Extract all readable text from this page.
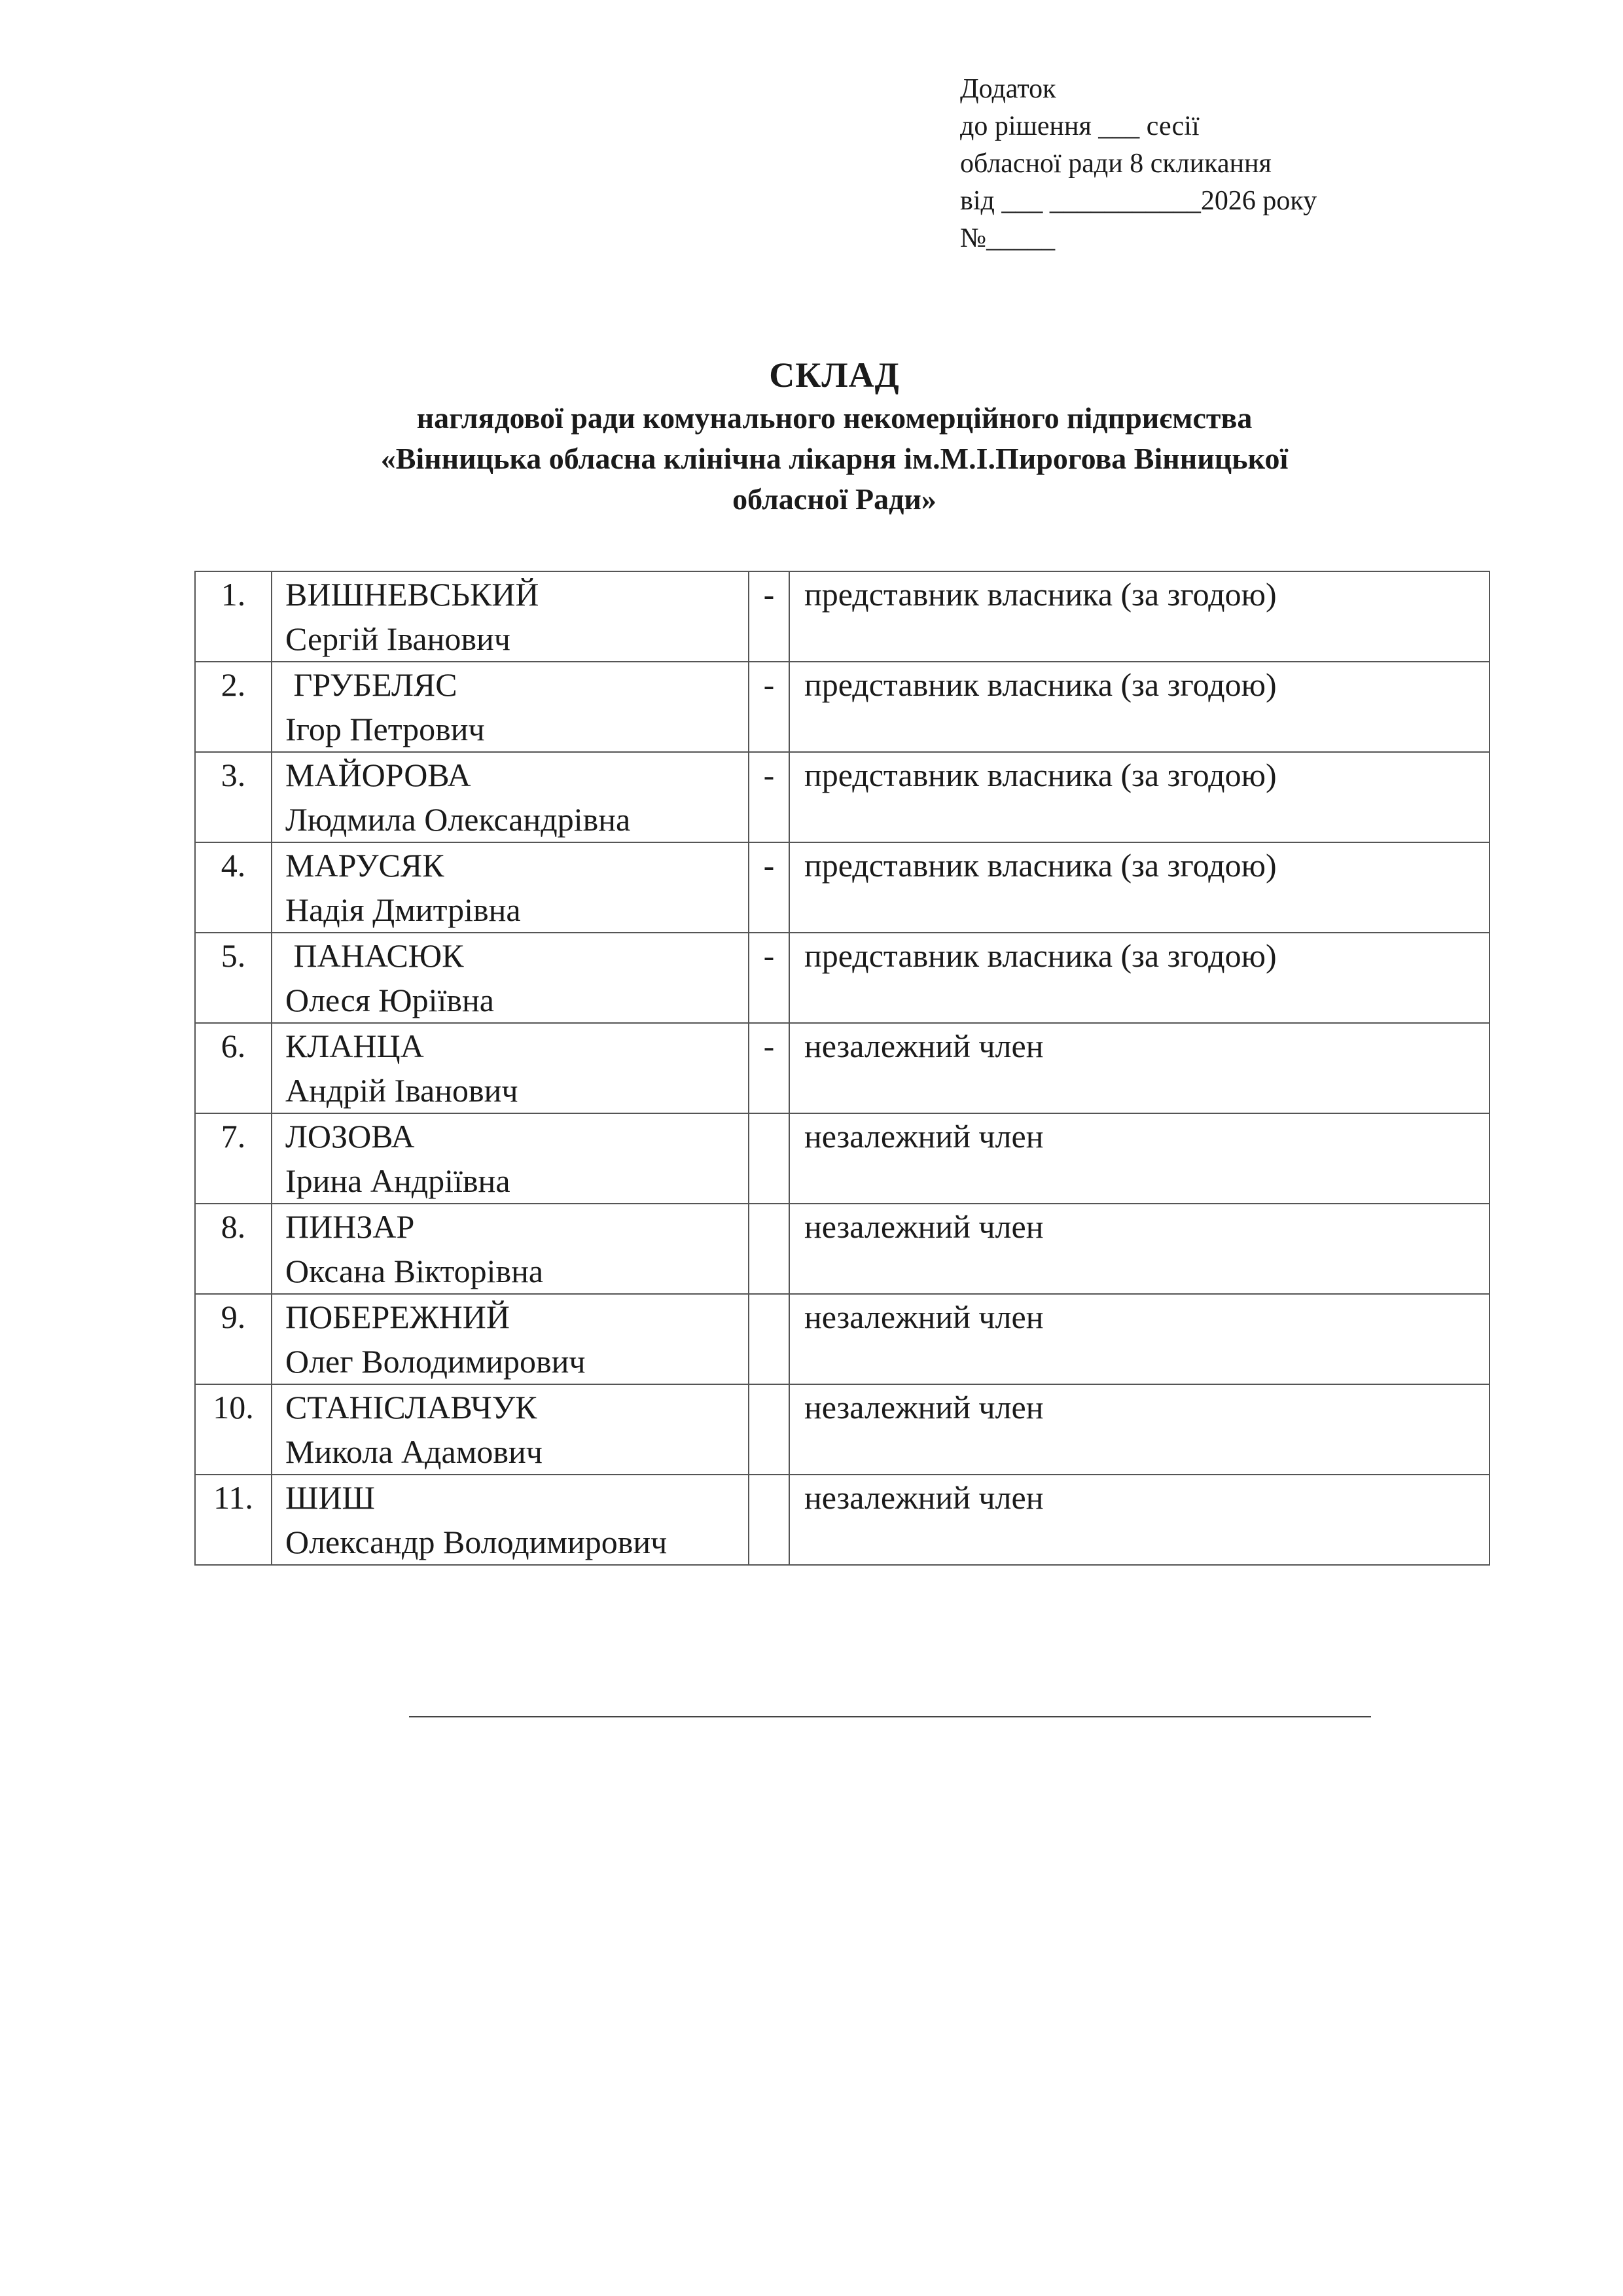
Додаток
до рішення ___ сесії
обласної ради 8 скликання
від ___ ___________2026 року
№_____
СКЛАД
наглядової ради комунального некомерційного підприємства
«Вінницька обласна клінічна лікарня ім.М.І.Пирогова Вінницької
обласної Ради»
1.	ВИШНЕВСЬКИЙ
Сергій Іванович	-	представник власника (за згодою)
2.	ГРУБЕЛЯС
Ігор Петрович	-	представник власника (за згодою)
3.	МАЙОРОВА
Людмила Олександрівна	-	представник власника (за згодою)
4.	МАРУСЯК
Надія Дмитрівна	-	представник власника (за згодою)
5.	ПАНАСЮК
Олеся Юріївна	-	представник власника (за згодою)
6.	КЛАНЦА
Андрій Іванович	-	незалежний член
7.	ЛОЗОВА
Ірина Андріївна		незалежний член
8.	ПИНЗАР
Оксана Вікторівна		незалежний член
9.	ПОБЕРЕЖНИЙ
Олег Володимирович		незалежний член
10.	СТАНІСЛАВЧУК
Микола Адамович		незалежний член
11.	ШИШ
Олександр Володимирович		незалежний член
